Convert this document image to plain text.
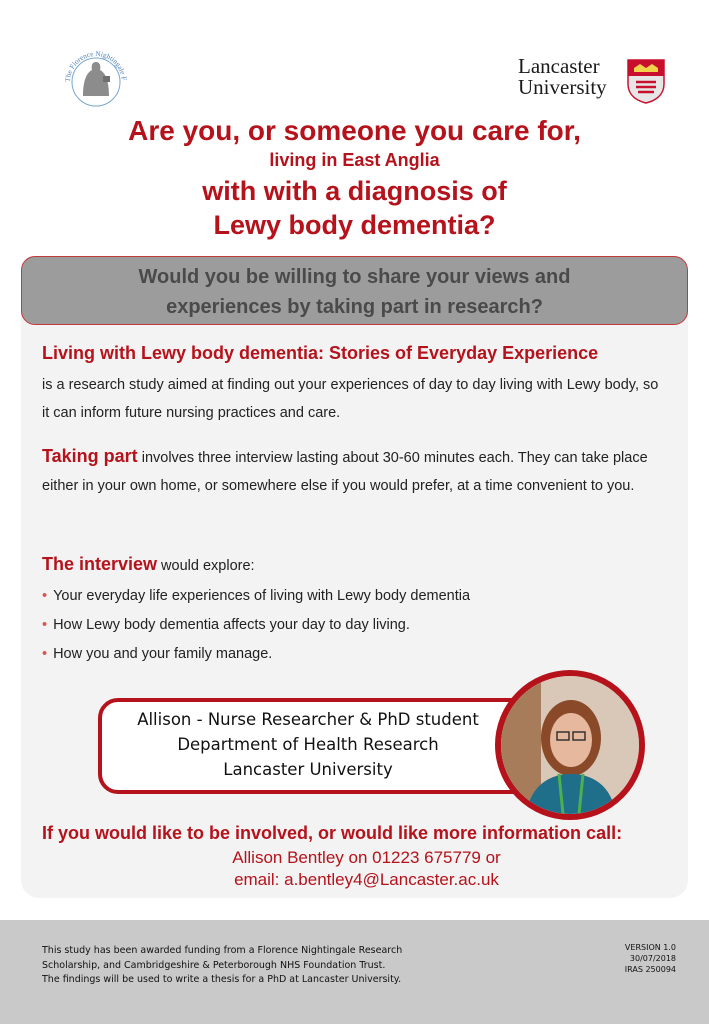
The Florence Nightingale F
Lancaster
University
Are you, or someone you care for,
living in East Anglia
with with a diagnosis of
Lewy body dementia?
Would you be willing to share your views and
experiences by taking part in research?
Living with Lewy body dementia: Stories of Everyday Experience
is a research study aimed at finding out your experiences of day to day living with Lewy body, so it can inform future nursing practices and care.
Taking part involves three interview lasting about 30-60 minutes each. They can take place either in your own home, or somewhere else if you would prefer, at a time convenient to you.
The interview would explore:
• Your everyday life experiences of living with Lewy body dementia
• How Lewy body dementia affects your day to day living.
• How you and your family manage.
Allison - Nurse Researcher & PhD student
Department of Health Research
Lancaster University
If you would like to be involved, or would like more information call:
Allison Bentley on 01223 675779 or
email: a.bentley4@Lancaster.ac.uk
This study has been awarded funding from a Florence Nightingale Research
Scholarship, and Cambridgeshire & Peterborough NHS Foundation Trust.
The findings will be used to write a thesis for a PhD at Lancaster University.
VERSION 1.0
30/07/2018
IRAS 250094
